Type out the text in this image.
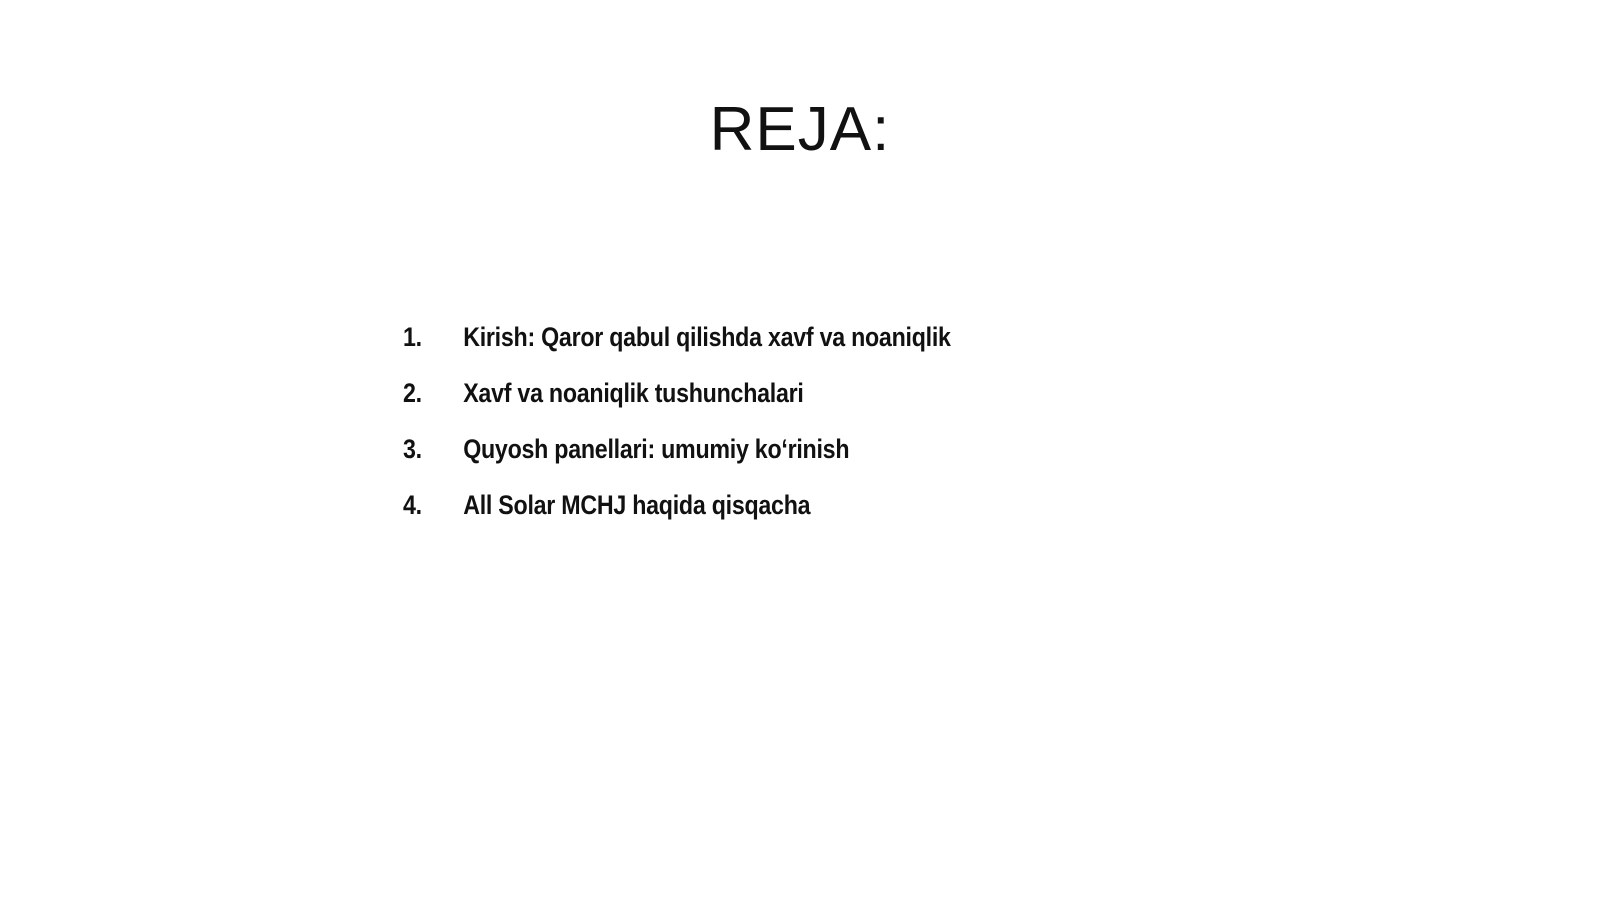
REJA:
1.	Kirish: Qaror qabul qilishda xavf va noaniqlik
2.	Xavf va noaniqlik tushunchalari
3.	Quyosh panellari: umumiy ko‘rinish
4.	All Solar MCHJ haqida qisqacha
